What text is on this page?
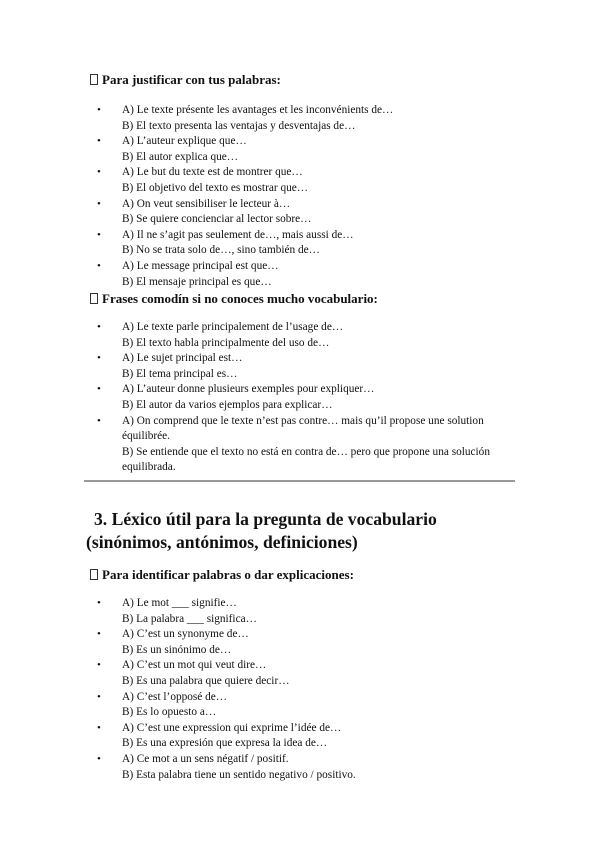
Para justificar con tus palabras:
• A) Le texte présente les avantages et les inconvénients de…
B) El texto presenta las ventajas y desventajas de…
• A) L’auteur explique que…
B) El autor explica que…
• A) Le but du texte est de montrer que…
B) El objetivo del texto es mostrar que…
• A) On veut sensibiliser le lecteur à…
B) Se quiere concienciar al lector sobre…
• A) Il ne s’agit pas seulement de…, mais aussi de…
B) No se trata solo de…, sino también de…
• A) Le message principal est que…
B) El mensaje principal es que…
Frases comodín si no conoces mucho vocabulario:
• A) Le texte parle principalement de l’usage de…
B) El texto habla principalmente del uso de…
• A) Le sujet principal est…
B) El tema principal es…
• A) L’auteur donne plusieurs exemples pour expliquer…
B) El autor da varios ejemplos para explicar…
• A) On comprend que le texte n’est pas contre… mais qu’il propose une solution équilibrée.
B) Se entiende que el texto no está en contra de… pero que propone una solución equilibrada.
3. Léxico útil para la pregunta de vocabulario
(sinónimos, antónimos, definiciones)
Para identificar palabras o dar explicaciones:
• A) Le mot ___ signifie…
B) La palabra ___ significa…
• A) C’est un synonyme de…
B) Es un sinónimo de…
• A) C’est un mot qui veut dire…
B) Es una palabra que quiere decir…
• A) C’est l’opposé de…
B) Es lo opuesto a…
• A) C’est une expression qui exprime l’idée de…
B) Es una expresión que expresa la idea de…
• A) Ce mot a un sens négatif / positif.
B) Esta palabra tiene un sentido negativo / positivo.
